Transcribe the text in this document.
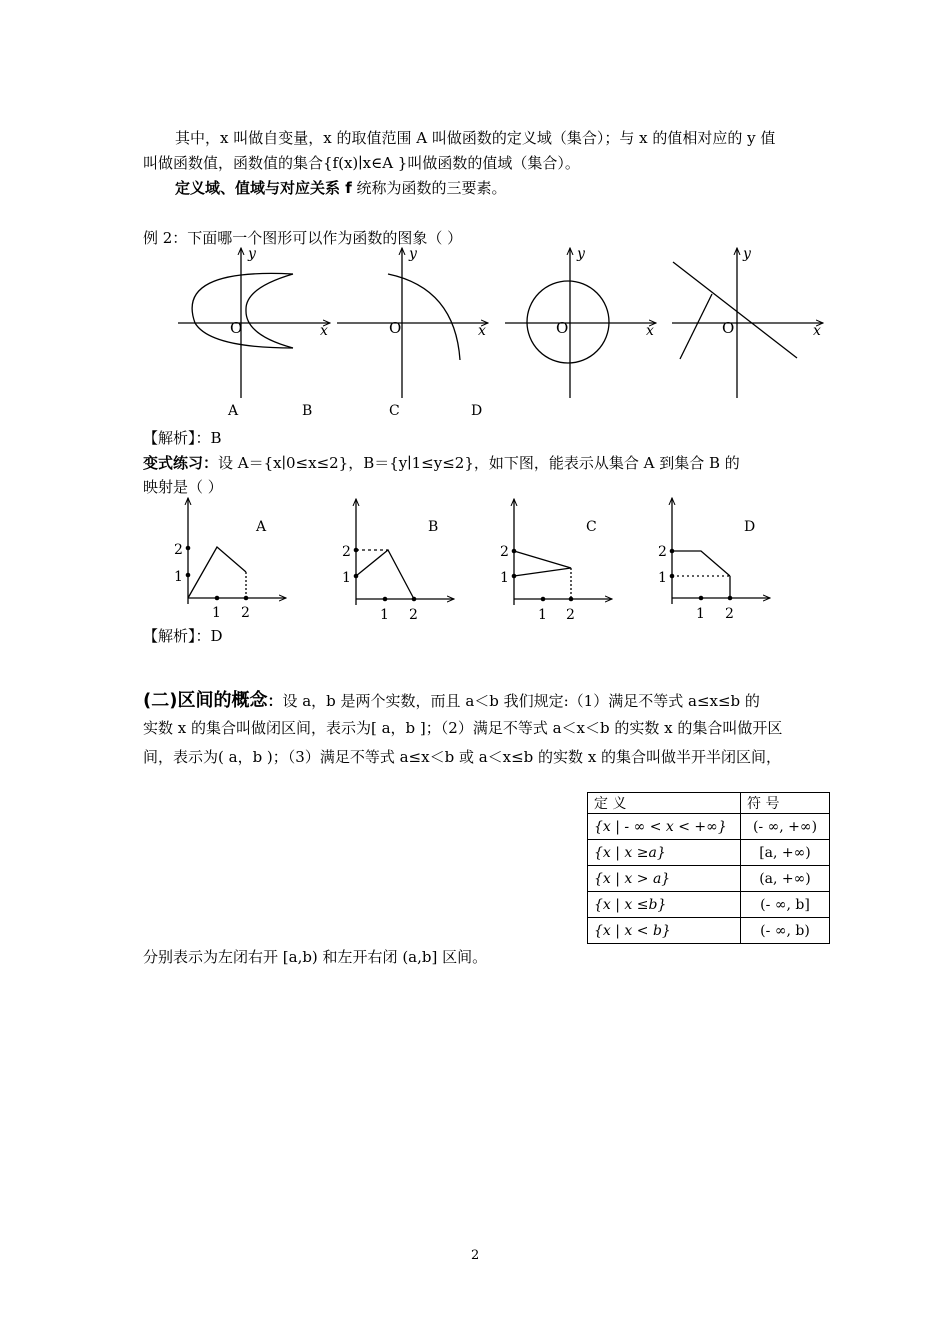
其中，x 叫做自变量，x 的取值范围 A 叫做函数的定义域（集合）；与 x 的值相对应的 y 值
叫做函数值，函数值的集合{f(x)∣x∈A }叫做函数的值域（集合）。
定义域、值域与对应关系 f 统称为函数的三要素。
例 2：下面哪一个图形可以作为函数的图象（ ）
O	x
y
O	x
y
O	x
y
O	x
y
A	B	C	D
【解析】：B
变式练习：设 A＝{x∣0≤x≤2}，B＝{y∣1≤y≤2}，如下图，能表示从集合 A 到集合 B 的
映射是（ ）
2
1
1 2
A
2
1
1 2
B
2
1
1 2
C
2
1
1 2
D
【解析】：D
(二)区间的概念：设 a，b 是两个实数，而且 a＜b 我们规定:（1）满足不等式 a≤x≤b 的
实数 x 的集合叫做闭区间，表示为[ a，b ]；（2）满足不等式 a＜x＜b 的实数 x 的集合叫做开区
间，表示为( a，b )；（3）满足不等式 a≤x＜b 或 a＜x≤b 的实数 x 的集合叫做半开半闭区间，
定 义	符 号
{x | - ∞ < x < +∞}	(- ∞, +∞)
{x | x ≥a}	[a, +∞)
{x | x > a}	(a, +∞)
{x | x ≤b}	(- ∞, b]
{x | x < b}	(- ∞, b)
分别表示为左闭右开 [a,b) 和左开右闭 (a,b] 区间。
2
